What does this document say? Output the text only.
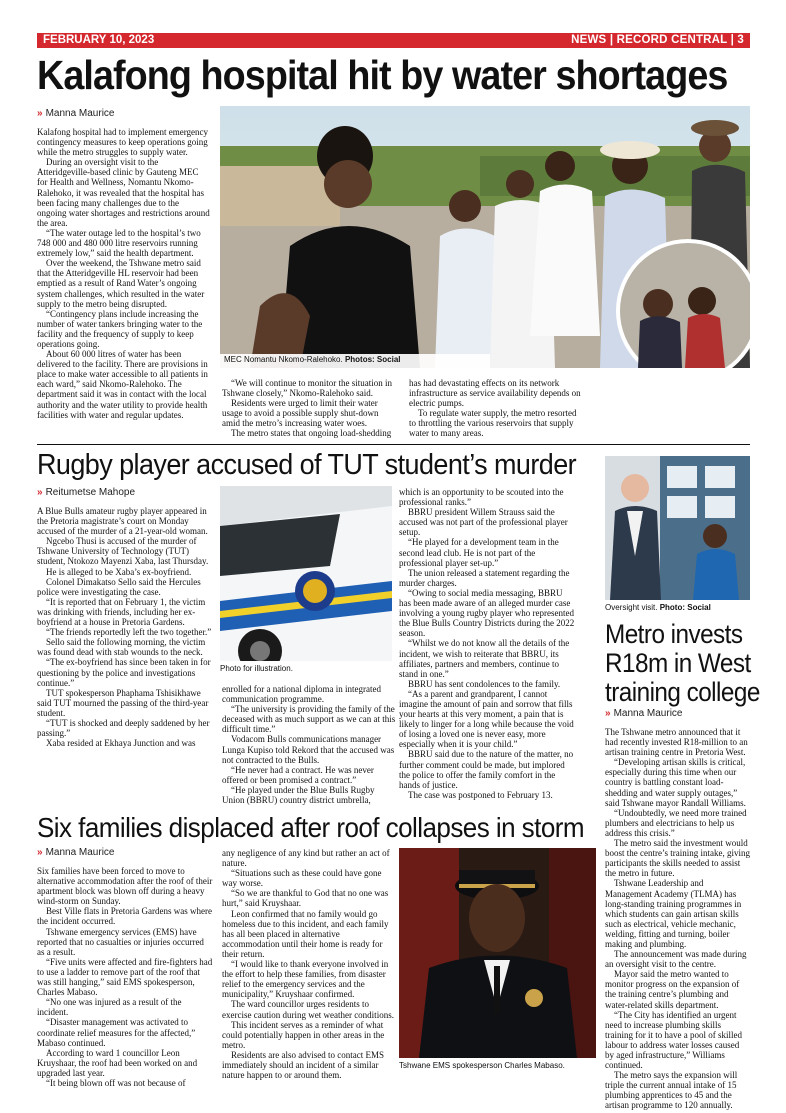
FEBRUARY 10, 2023	NEWS | RECORD CENTRAL | 3
Kalafong hospital hit by water shortages
» Manna Maurice

Kalafong hospital had to implement emergency contingency measures to keep operations going while the metro struggles to supply water.

During an oversight visit to the Atteridgeville-based clinic by Gauteng MEC for Health and Wellness, Nomantu Nkomo-Ralehoko, it was revealed that the hospital has been facing many challenges due to the ongoing water shortages and restrictions around the area.

“The water outage led to the hospital’s two 748 000 and 480 000 litre reservoirs running extremely low,” said the health department.

Over the weekend, the Tshwane metro said that the Atteridgeville HL reservoir had been emptied as a result of Rand Water’s ongoing system challenges, which resulted in the water supply to the metro being disrupted.

“Contingency plans include increasing the number of water tankers bringing water to the facility and the frequency of supply to keep operations going.

About 60 000 litres of water has been delivered to the facility. There are provisions in place to make water accessible to all patients in each ward,” said Nkomo-Ralehoko. The department said it was in contact with the local authority and the water utility to provide health facilities with water and regular updates.

MEC Nomantu Nkomo-Ralehoko. Photos: Social

“We will continue to monitor the situation in Tshwane closely,” Nkomo-Ralehoko said.

Residents were urged to limit their water usage to avoid a possible supply shut-down amid the metro’s increasing water woes.

The metro states that ongoing load-shedding

has had devastating effects on its network infrastructure as service availability depends on electric pumps.

To regulate water supply, the metro resorted to throttling the various reservoirs that supply water to many areas.

Rugby player accused of TUT student’s murder
» Reitumetse Mahope

A Blue Bulls amateur rugby player appeared in the Pretoria magistrate’s court on Monday accused of the murder of a 21-year-old woman.

Ngcebo Thusi is accused of the murder of Tshwane University of Technology (TUT) student, Ntokozo Mayenzi Xaba, last Thursday.

He is alleged to be Xaba’s ex-boyfriend.

Colonel Dimakatso Sello said the Hercules police were investigating the case.

“It is reported that on February 1, the victim was drinking with friends, including her ex-boyfriend at a house in Pretoria Gardens.

“The friends reportedly left the two together.”

Sello said the following morning, the victim was found dead with stab wounds to the neck.

“The ex-boyfriend has since been taken in for questioning by the police and investigations continue.”

TUT spokesperson Phaphama Tshisikhawe said TUT mourned the passing of the third-year student.

“TUT is shocked and deeply saddened by her passing.”

Xaba resided at Ekhaya Junction and was

Photo for illustration.

enrolled for a national diploma in integrated communication programme.

“The university is providing the family of the deceased with as much support as we can at this difficult time.”

Vodacom Bulls communications manager Lunga Kupiso told Rekord that the accused was not contracted to the Bulls.

“He never had a contract. He was never offered or been promised a contract.”

“He played under the Blue Bulls Rugby Union (BBRU) country district umbrella,

which is an opportunity to be scouted into the professional ranks.”

BBRU president Willem Strauss said the accused was not part of the professional player setup.

“He played for a development team in the second lead club. He is not part of the professional player set-up.”

The union released a statement regarding the murder charges.

“Owing to social media messaging, BBRU has been made aware of an alleged murder case involving a young rugby player who represented the Blue Bulls Country Districts during the 2022 season.

“Whilst we do not know all the details of the incident, we wish to reiterate that BBRU, its affiliates, partners and members, continue to stand in one.”

BBRU has sent condolences to the family.

“As a parent and grandparent, I cannot imagine the amount of pain and sorrow that fills your hearts at this very moment, a pain that is likely to linger for a long while because the void of losing a loved one is never easy, more especially when it is your child.”

BBRU said due to the nature of the matter, no further comment could be made, but implored the police to offer the family comfort in the hands of justice.

The case was postponed to February 13.

Oversight visit. Photo: Social
Metro invests
R18m in West
training college
» Manna Maurice

The Tshwane metro announced that it had recently invested R18-million to an artisan training centre in Pretoria West.

“Developing artisan skills is critical, especially during this time when our country is battling constant load-shedding and water supply outages,” said Tshwane mayor Randall Williams.

“Undoubtedly, we need more trained plumbers and electricians to help us address this crisis.”

The metro said the investment would boost the centre’s training intake, giving participants the skills needed to assist the metro in future.

Tshwane Leadership and Management Academy (TLMA) has long-standing training programmes in which students can gain artisan skills such as electrical, vehicle mechanic, welding, fitting and turning, boiler making and plumbing.

The announcement was made during an oversight visit to the centre.

Mayor said the metro wanted to monitor progress on the expansion of the training centre’s plumbing and water-related skills department.

“The City has identified an urgent need to increase plumbing skills training for it to have a pool of skilled labour to address water losses caused by aged infrastructure,” Williams continued.

The metro says the expansion will triple the current annual intake of 15 plumbing apprentices to 45 and the artisan programme to 120 annually.

Six families displaced after roof collapses in storm
» Manna Maurice

Six families have been forced to move to alternative accommodation after the roof of their apartment block was blown off during a heavy wind-storm on Sunday.

Best Ville flats in Pretoria Gardens was where the incident occurred.

Tshwane emergency services (EMS) have reported that no casualties or injuries occurred as a result.

“Five units were affected and fire-fighters had to use a ladder to remove part of the roof that was still hanging,” said EMS spokesperson, Charles Mabaso.

“No one was injured as a result of the incident.

“Disaster management was activated to coordinate relief measures for the affected,” Mabaso continued.

According to ward 1 councillor Leon Kruyshaar, the roof had been worked on and upgraded last year.

“It being blown off was not because of

any negligence of any kind but rather an act of nature.

“Situations such as these could have gone way worse.

“So we are thankful to God that no one was hurt,” said Kruyshaar.

Leon confirmed that no family would go homeless due to this incident, and each family has all been placed in alternative accommodation until their home is ready for their return.

“I would like to thank everyone involved in the effort to help these families, from disaster relief to the emergency services and the municipality,” Kruyshaar confirmed.

The ward councillor urges residents to exercise caution during wet weather conditions.

This incident serves as a reminder of what could potentially happen in other areas in the metro.

Residents are also advised to contact EMS immediately should an incident of a similar nature happen to or around them.

Tshwane EMS spokesperson Charles Mabaso.
